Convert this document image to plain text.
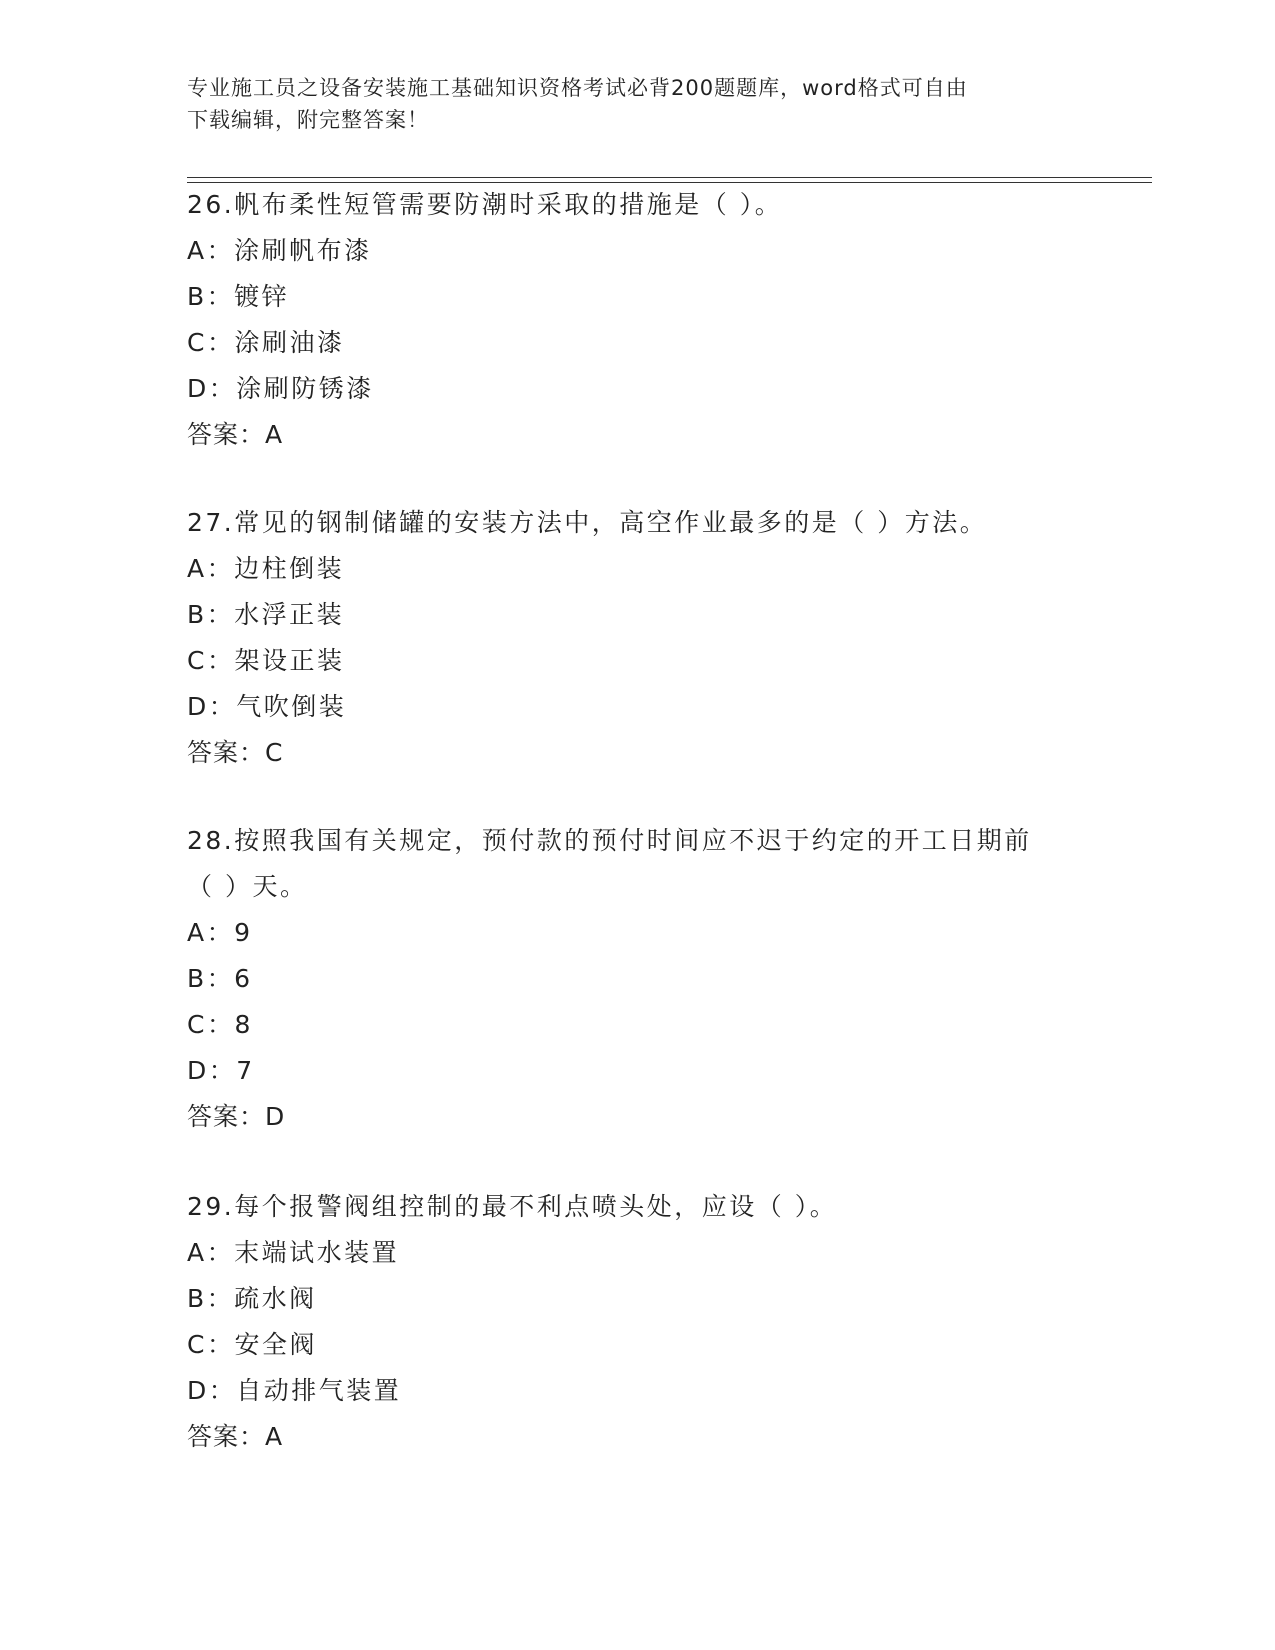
专业施工员之设备安装施工基础知识资格考试必背200题题库，word格式可自由
下载编辑，附完整答案！
26.帆布柔性短管需要防潮时采取的措施是（ ）。
A：涂刷帆布漆
B：镀锌
C：涂刷油漆
D：涂刷防锈漆
答案：A
27.常见的钢制储罐的安装方法中，高空作业最多的是（ ）方法。
A：边柱倒装
B：水浮正装
C：架设正装
D：气吹倒装
答案：C
28.按照我国有关规定，预付款的预付时间应不迟于约定的开工日期前
（ ）天。
A：9
B：6
C：8
D：7
答案：D
29.每个报警阀组控制的最不利点喷头处，应设（ ）。
A：末端试水装置
B：疏水阀
C：安全阀
D：自动排气装置
答案：A
